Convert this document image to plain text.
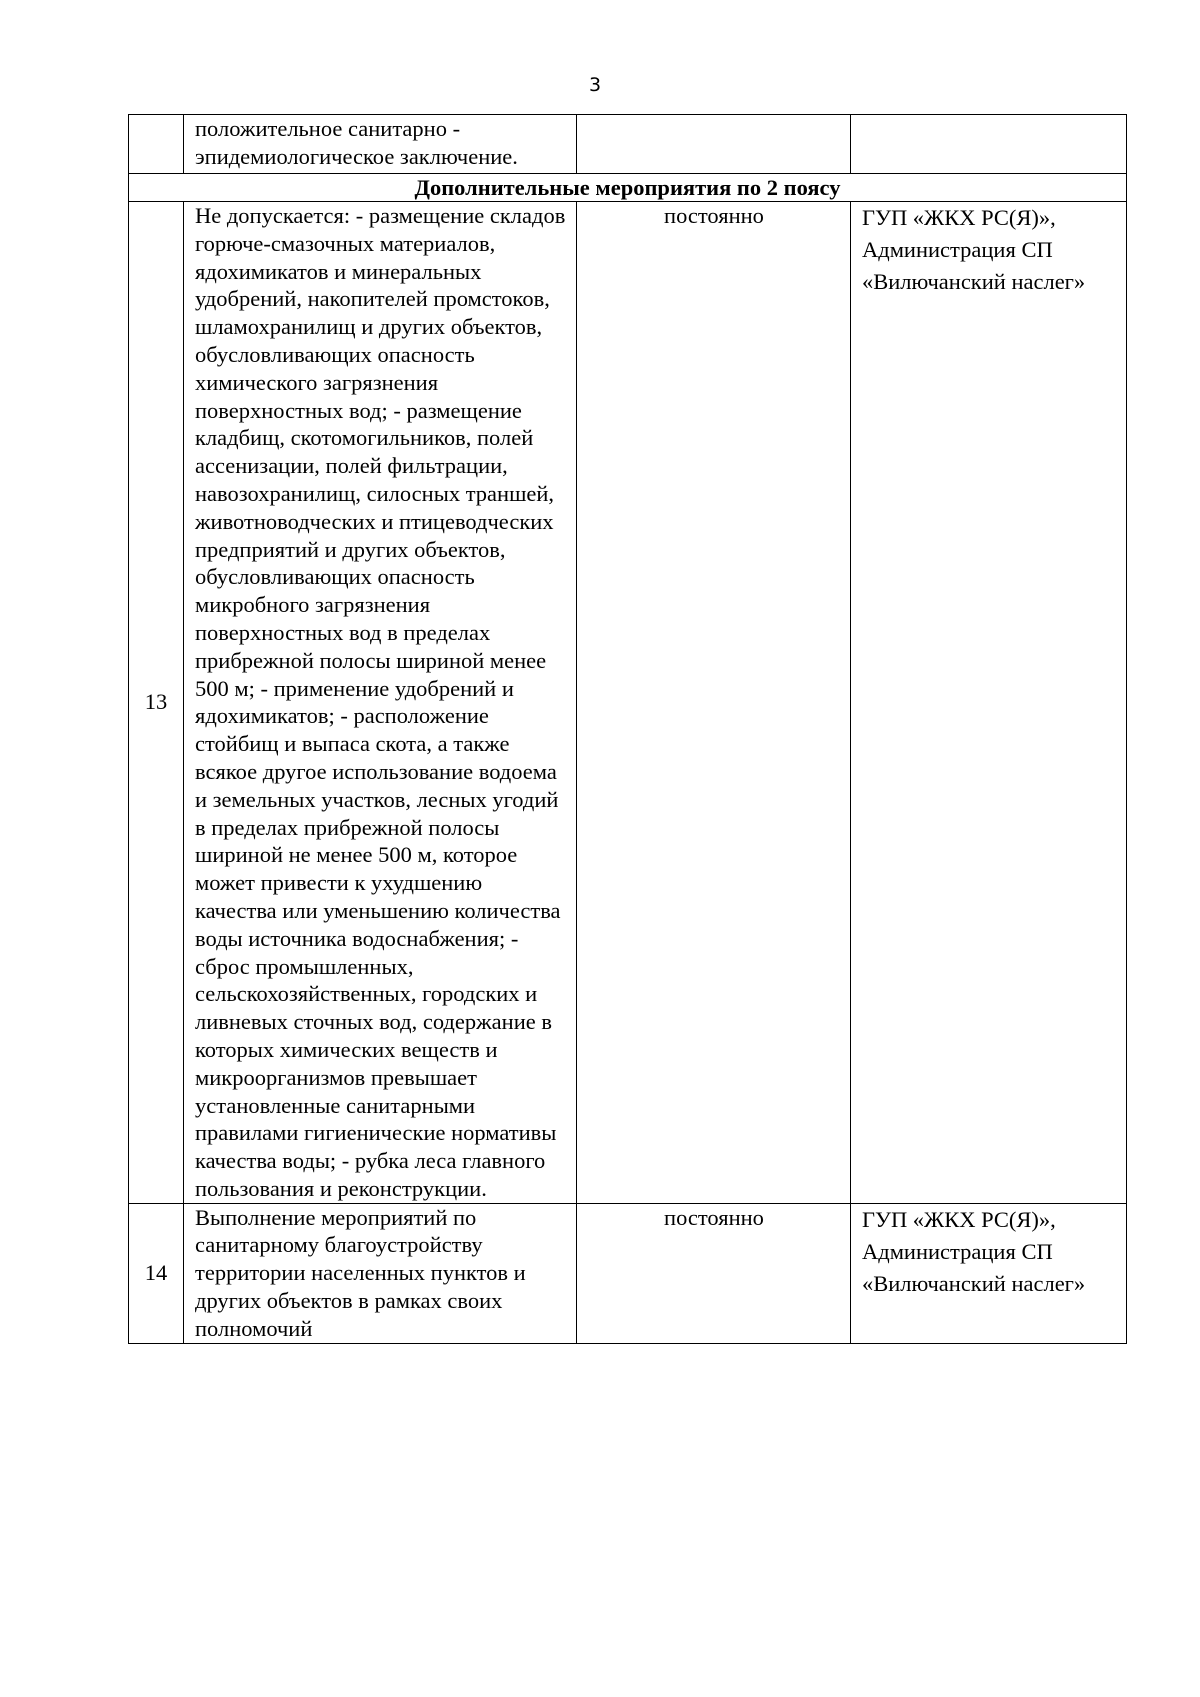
3
	положительное санитарно - эпидемиологическое заключение.		
Дополнительные мероприятия по 2 поясу			
13	Не допускается: - размещение складов горюче-смазочных материалов, ядохимикатов и минеральных удобрений, накопителей промстоков, шламохранилищ и других объектов, обусловливающих опасность химического загрязнения поверхностных вод; - размещение кладбищ, скотомогильников, полей ассенизации, полей фильтрации, навозохранилищ, силосных траншей, животноводческих и птицеводческих предприятий и других объектов, обусловливающих опасность микробного загрязнения поверхностных вод в пределах прибрежной полосы шириной менее 500 м; - применение удобрений и ядохимикатов; - расположение стойбищ и выпаса скота, а также всякое другое использование водоема и земельных участков, лесных угодий в пределах прибрежной полосы шириной не менее 500 м, которое может привести к ухудшению качества или уменьшению количества воды источника водоснабжения; - сброс промышленных, сельскохозяйственных, городских и ливневых сточных вод, содержание в которых химических веществ и микроорганизмов превышает установленные санитарными правилами гигиенические нормативы качества воды; - рубка леса главного пользования и реконструкции.	постоянно	ГУП «ЖКХ РС(Я)», Администрация СП «Вилючанский наслег»
14	Выполнение мероприятий по санитарному благоустройству территории населенных пунктов и других объектов в рамках своих полномочий	постоянно	ГУП «ЖКХ РС(Я)», Администрация СП «Вилючанский наслег»
